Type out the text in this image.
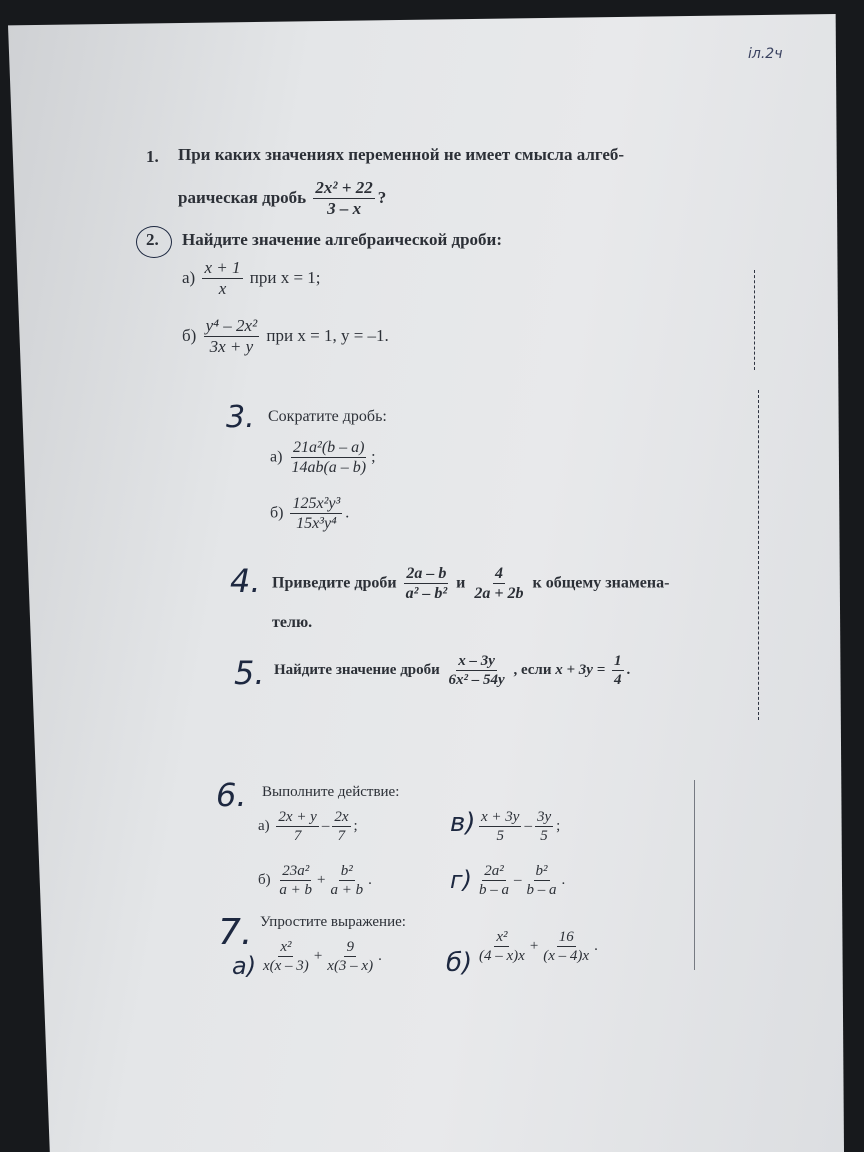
іл.2ч
1. При каких значениях переменной не имеет смысла алгеб-
раическая дробь $\frac{\text{2x² + 22}}{3 - x}$ ?
2. Найдите значение алгебраической дроби:
$а) \frac{x + 1}{x}$ при x = 1;
$б) \frac{\text{y⁴ – 2x²}}{3x + y}$ при x = 1, y = –1.
3. Сократите дробь:
$а) \frac{\text{21a²(b – a)}}{14ab(a - b)}$ ;
$б) \frac{\text{125x²y³}}{\text{15x³y⁴}}$ .
4. Приведите дроби $\frac{2a - b}{\text{a² – b²}}$ и $\frac{4}{2a + 2b}$ к общему знамена-
телю.
5. Найдите значение дроби $\frac{x - 3y}{\text{6x² – 54y}}$ , если $x + 3y = \frac{1}{4}$ .
6. Выполните действие:
$а) \frac{2x + y}{7} - \frac{2x}{7}$ ;	$в) \frac{x + 3y}{5} - \frac{3y}{5}$ ;
$б) \frac{\text{23a²}}{a + b} + \frac{\text{b²}}{a + b}$ .	$г) \frac{\text{2a²}}{b - a} - \frac{\text{b²}}{b - a}$ .
7. Упростите выражение:
$а) \frac{\text{x²}}{x(x - 3)} + \frac{9}{x(3 - x)}$ . $б) \frac{\text{x²}}{(4 - x)x} + \frac{16}{(x - 4)x}$ .
